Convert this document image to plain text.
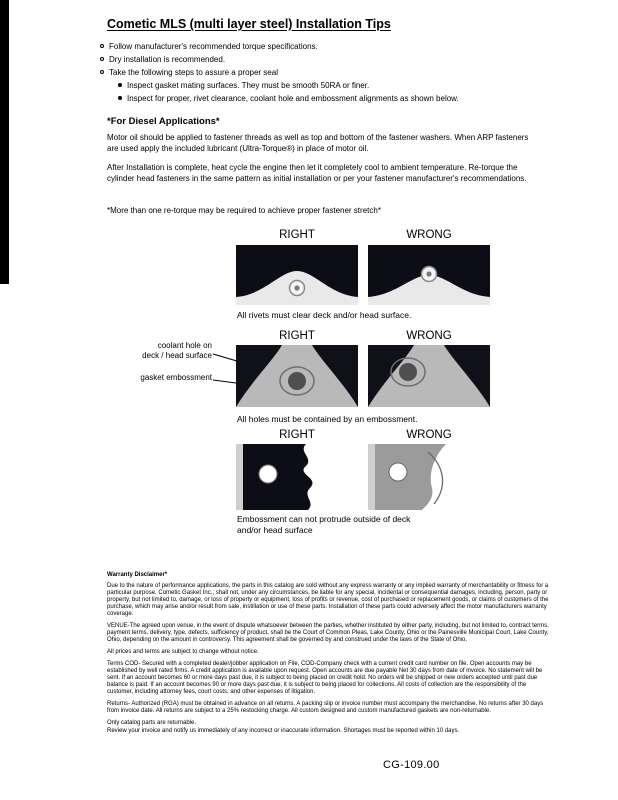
Cometic MLS (multi layer steel) Installation Tips
Follow manufacturer's recommended torque specifications.
Dry installation is recommended.
Take the following steps to assure a proper seal
Inspect gasket mating surfaces. They must be smooth 50RA or finer.
Inspect for proper, rivet clearance, coolant hole and embossment alignments as shown below.
*For Diesel Applications*

Motor oil should be applied to fastener threads as well as top and bottom of the fastener washers. When ARP fasteners are used apply the included lubricant (Ultra-Torque®) in place of motor oil.

After Installation is complete, heat cycle the engine then let it completely cool to ambient temperature. Re-torque the cylinder head fasteners in the same pattern as initial installation or per your fastener manufacturer's recommendations.

*More than one re-torque may be required to achieve proper fastener stretch*

RIGHT	WRONG
All rivets must clear deck and/or head surface.
RIGHT	WRONG
coolant hole on
deck / head surface
gasket embossment
All holes must be contained by an embossment.
RIGHT	WRONG
Embossment can not protrude outside of deck
and/or head surface
Warranty Disclaimer*

Due to the nature of performance applications, the parts in this catalog are sold without any express warranty or any implied warranty of merchantability or fitness for a particular purpose. Cometic Gasket Inc., shall not, under any circumstances, be liable for any special, incidental or consequential damages, including, person, party or property, but not limited to, damage, or loss of property or equipment, loss of profits or revenue, cost of purchased or replacement goods, or claims of customers of the purchase, which may arise and/or result from sale, instillation or use of these parts. Installation of these parts could adversely affect the motor manufacturers warranty coverage.

VENUE-The agreed upon venue, in the event of dispute whatsoever between the parties, whether instituted by either party, including, but not limited to, contract terms, payment terms, delivery, type, defects, sufficiency of product, shall be the Court of Common Pleas, Lake County, Ohio or the Painesville Municipal Court, Lake County, Ohio, depending on the amount in controversy. This agreement shall be governed by and construed under the laws of the State of Ohio.

All prices and terms are subject to change without notice.

Terms COD- Secured with a completed dealer/jobber application on File, COD-Company check with a current credit card number on file. Open accounts may be established by well rated firms. A credit application is available upon request. Open accounts are due payable Net 30 days from date of invoice. No statement will be sent. If an account becomes 60 or more days past due, it is subject to being placed on credit hold. No orders will be shipped or new orders accepted until past due balance is paid. If an account becomes 90 or more days past due, it is subject to being placed for collections. All costs of collection are the responsibility of the customer, including attorney fees, court costs, and other expenses of litigation.

Returns- Authorized (RGA) must be obtained in advance on all returns. A packing slip or invoice number must accompany the merchandise. No returns after 30 days from invoice date. All returns are subject to a 25% restocking charge. All custom designed and custom manufactured gaskets are non-returnable.

Only catalog parts are returnable.

Review your invoice and notify us immediately of any incorrect or inaccurate information. Shortages must be reported within 10 days.

CG-109.00
